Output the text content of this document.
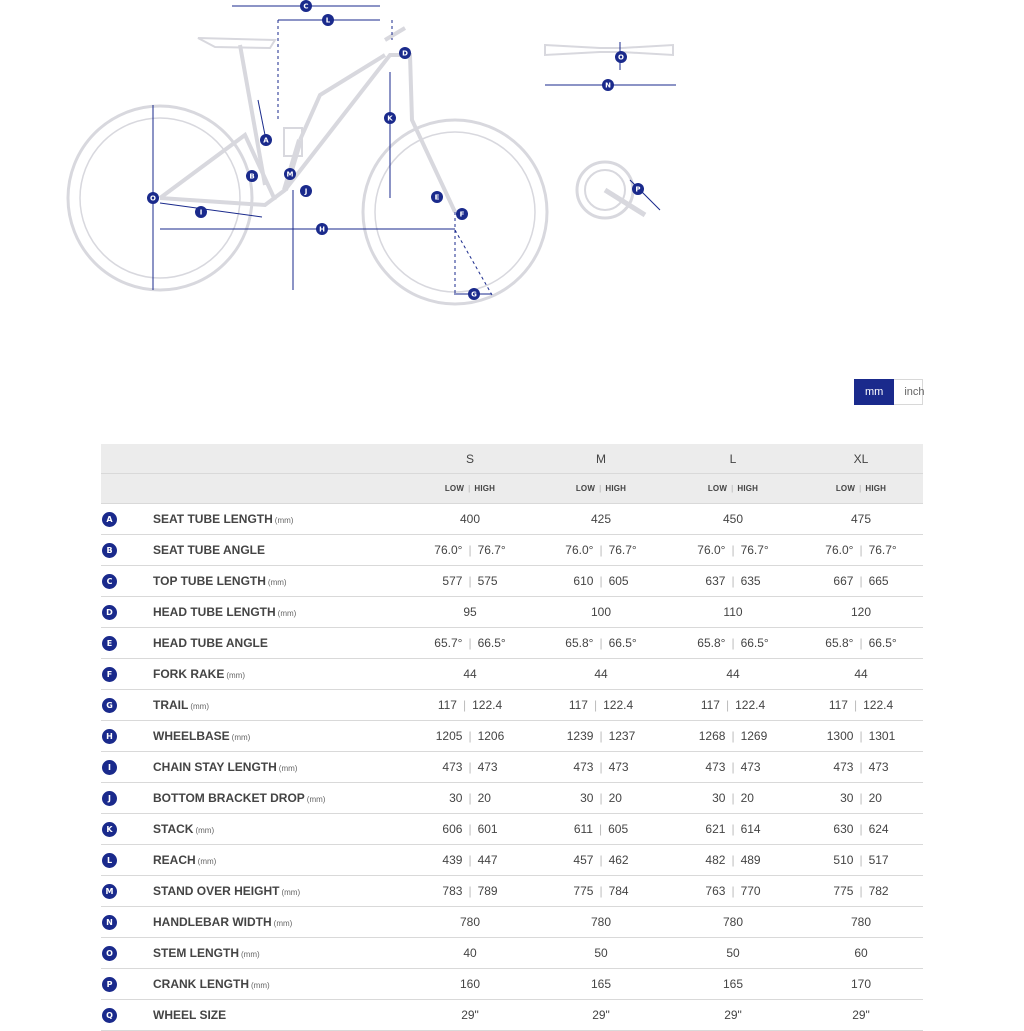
A
B
C
D
E
F
G
H
I
J
K
L
M
N
O
P
O
mm	inch
		S	M	L	XL
		LOW | HIGH	LOW | HIGH	LOW | HIGH	LOW | HIGH
A	SEAT TUBE LENGTH (mm)	400	425	450	475
B	SEAT TUBE ANGLE	76.0° | 76.7°	76.0° | 76.7°	76.0° | 76.7°	76.0° | 76.7°
C	TOP TUBE LENGTH (mm)	577 | 575	610 | 605	637 | 635	667 | 665
D	HEAD TUBE LENGTH (mm)	95	100	110	120
E	HEAD TUBE ANGLE	65.7° | 66.5°	65.8° | 66.5°	65.8° | 66.5°	65.8° | 66.5°
F	FORK RAKE (mm)	44	44	44	44
G	TRAIL (mm)	117 | 122.4	117 | 122.4	117 | 122.4	117 | 122.4
H	WHEELBASE (mm)	1205 | 1206	1239 | 1237	1268 | 1269	1300 | 1301
I	CHAIN STAY LENGTH (mm)	473 | 473	473 | 473	473 | 473	473 | 473
J	BOTTOM BRACKET DROP (mm)	30 | 20	30 | 20	30 | 20	30 | 20
K	STACK (mm)	606 | 601	611 | 605	621 | 614	630 | 624
L	REACH (mm)	439 | 447	457 | 462	482 | 489	510 | 517
M	STAND OVER HEIGHT (mm)	783 | 789	775 | 784	763 | 770	775 | 782
N	HANDLEBAR WIDTH (mm)	780	780	780	780
O	STEM LENGTH (mm)	40	50	50	60
P	CRANK LENGTH (mm)	160	165	165	170
Q	WHEEL SIZE	29"	29"	29"	29"
